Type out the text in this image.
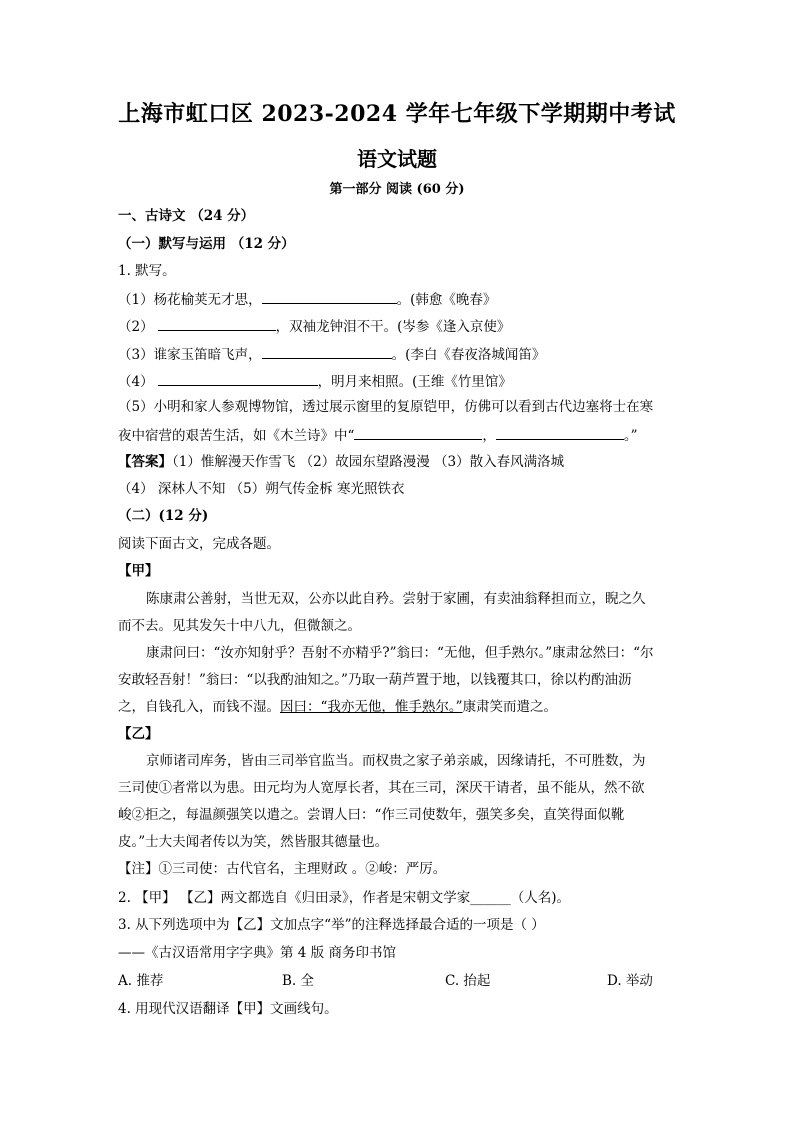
上海市虹口区 2023-2024 学年七年级下学期期中考试
语文试题
第一部分 阅读 (60 分)
一、古诗文 （24 分）
（一）默写与运用 （12 分）
1. 默写。
（1）杨花榆荚无才思，	。(韩愈《晚春》
（2）	，双袖龙钟泪不干。(岑参《逢入京使》
（3）谁家玉笛暗飞声，	。(李白《春夜洛城闻笛》
（4）	，明月来相照。(王维《竹里馆》
（5）小明和家人参观博物馆，透过展示窗里的复原铠甲，仿佛可以看到古代边塞将士在寒
夜中宿营的艰苦生活，如《木兰诗》中“	，	。”
【答案】（1）惟解漫天作雪飞 （2）故园东望路漫漫 （3）散入春风满洛城
（4） 深林人不知 （5）朔气传金柝 寒光照铁衣
（二）(12 分)
阅读下面古文，完成各题。
【甲】
陈康肃公善射，当世无双，公亦以此自矜。尝射于家圃，有卖油翁释担而立，睨之久
而不去。见其发矢十中八九，但微颔之。
康肃问曰：“汝亦知射乎？吾射不亦精乎?”翁曰：“无他，但手熟尔。”康肃忿然曰：“尔
安敢轻吾射！”翁曰：“以我酌油知之。”乃取一葫芦置于地，以钱覆其口，徐以杓酌油沥
之，自钱孔入，而钱不湿。因曰：“我亦无他，惟手熟尔。”康肃笑而遣之。
【乙】
京师诸司库务，皆由三司举官监当。而权贵之家子弟亲戚，因缘请托，不可胜数，为
三司使①者常以为患。田元均为人宽厚长者，其在三司，深厌干请者，虽不能从，然不欲
峻②拒之，每温颜强笑以遣之。尝谓人曰：“作三司使数年，强笑多矣，直笑得面似靴
皮。”士大夫闻者传以为笑，然皆服其德量也。
【注】①三司使：古代官名，主理财政 。②峻：严厉。
2. 【甲】 【乙】两文都选自《归田录》，作者是宋朝文学家______（人名)。
3. 从下列选项中为【乙】文加点字“举”的注释选择最合适的一项是（ ）
——《古汉语常用字字典》第 4 版 商务印书馆
A. 推荐	B. 全	C. 抬起	D. 举动
4. 用现代汉语翻译【甲】文画线句。
